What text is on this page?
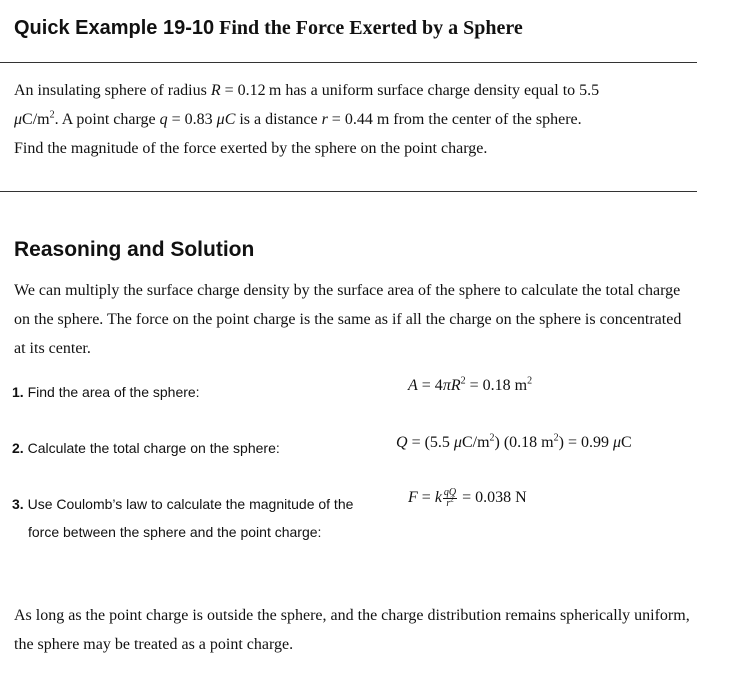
Quick Example 19-10 Find the Force Exerted by a Sphere
An insulating sphere of radius R = 0.12 m has a uniform surface charge density equal to 5.5
$\mu C/m^2$. A point charge q = 0.83 μC is a distance r = 0.44 m from the center of the sphere.
Find the magnitude of the force exerted by the sphere on the point charge.
Reasoning and Solution
We can multiply the surface charge density by the surface area of the sphere to calculate the total charge on the sphere. The force on the point charge is the same as if all the charge on the sphere is concentrated at its center.
1. Find the area of the sphere:	$A = 4\pi R^2 = 0.18$ $m^2$
2. Calculate the total charge on the sphere:	Q = (5.5 $\mu C/m^2$) (0.18 $m^2) = 0.99$ μC
3. Use Coulomb’s law to calculate the magnitude of the
force between the sphere and the point charge:
F = k $\frac{qQ}{r^2} = 0.038$ N
As long as the point charge is outside the sphere, and the charge distribution remains spherically uniform, the sphere may be treated as a point charge.
